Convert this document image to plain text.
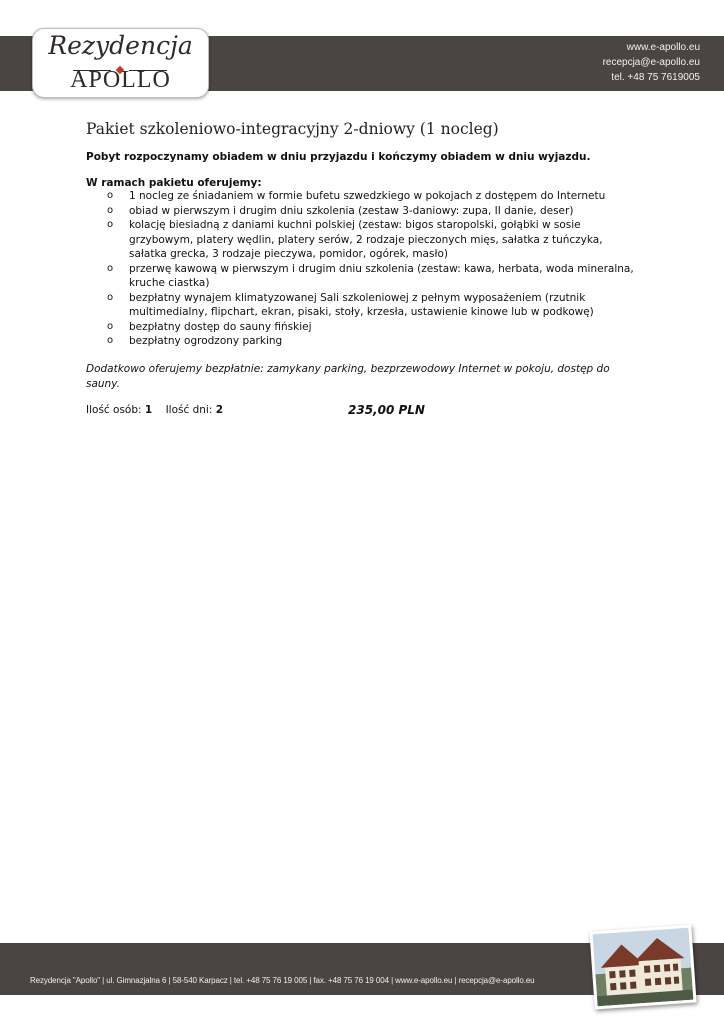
www.e-apollo.eu
recepcja@e-apollo.eu
tel. +48 75 7619005
Rezydencja
APOLLO
Pakiet szkoleniowo-integracyjny 2-dniowy (1 nocleg)
Pobyt rozpoczynamy obiadem w dniu przyjazdu i kończymy obiadem w dniu wyjazdu.
W ramach pakietu oferujemy:
o 1 nocleg ze śniadaniem w formie bufetu szwedzkiego w pokojach z dostępem do Internetu
o obiad w pierwszym i drugim dniu szkolenia (zestaw 3-daniowy: zupa, II danie, deser)
o kolację biesiadną z daniami kuchni polskiej (zestaw: bigos staropolski, gołąbki w sosie grzybowym, platery wędlin, platery serów, 2 rodzaje pieczonych mięs, sałatka z tuńczyka, sałatka grecka, 3 rodzaje pieczywa, pomidor, ogórek, masło)
o przerwę kawową w pierwszym i drugim dniu szkolenia (zestaw: kawa, herbata, woda mineralna, kruche ciastka)
o bezpłatny wynajem klimatyzowanej Sali szkoleniowej z pełnym wyposażeniem (rzutnik multimedialny, flipchart, ekran, pisaki, stoły, krzesła, ustawienie kinowe lub w podkowę)
o bezpłatny dostęp do sauny fińskiej
o bezpłatny ogrodzony parking
Dodatkowo oferujemy bezpłatnie: zamykany parking, bezprzewodowy Internet w pokoju, dostęp do sauny.
Ilość osób: 1 Ilość dni: 2	235,00 PLN
Rezydencja "Apollo" | ul. Gimnazjalna 6 | 58-540 Karpacz | tel. +48 75 76 19 005 | fax. +48 75 76 19 004 | www.e-apollo.eu | recepcja@e-apollo.eu
